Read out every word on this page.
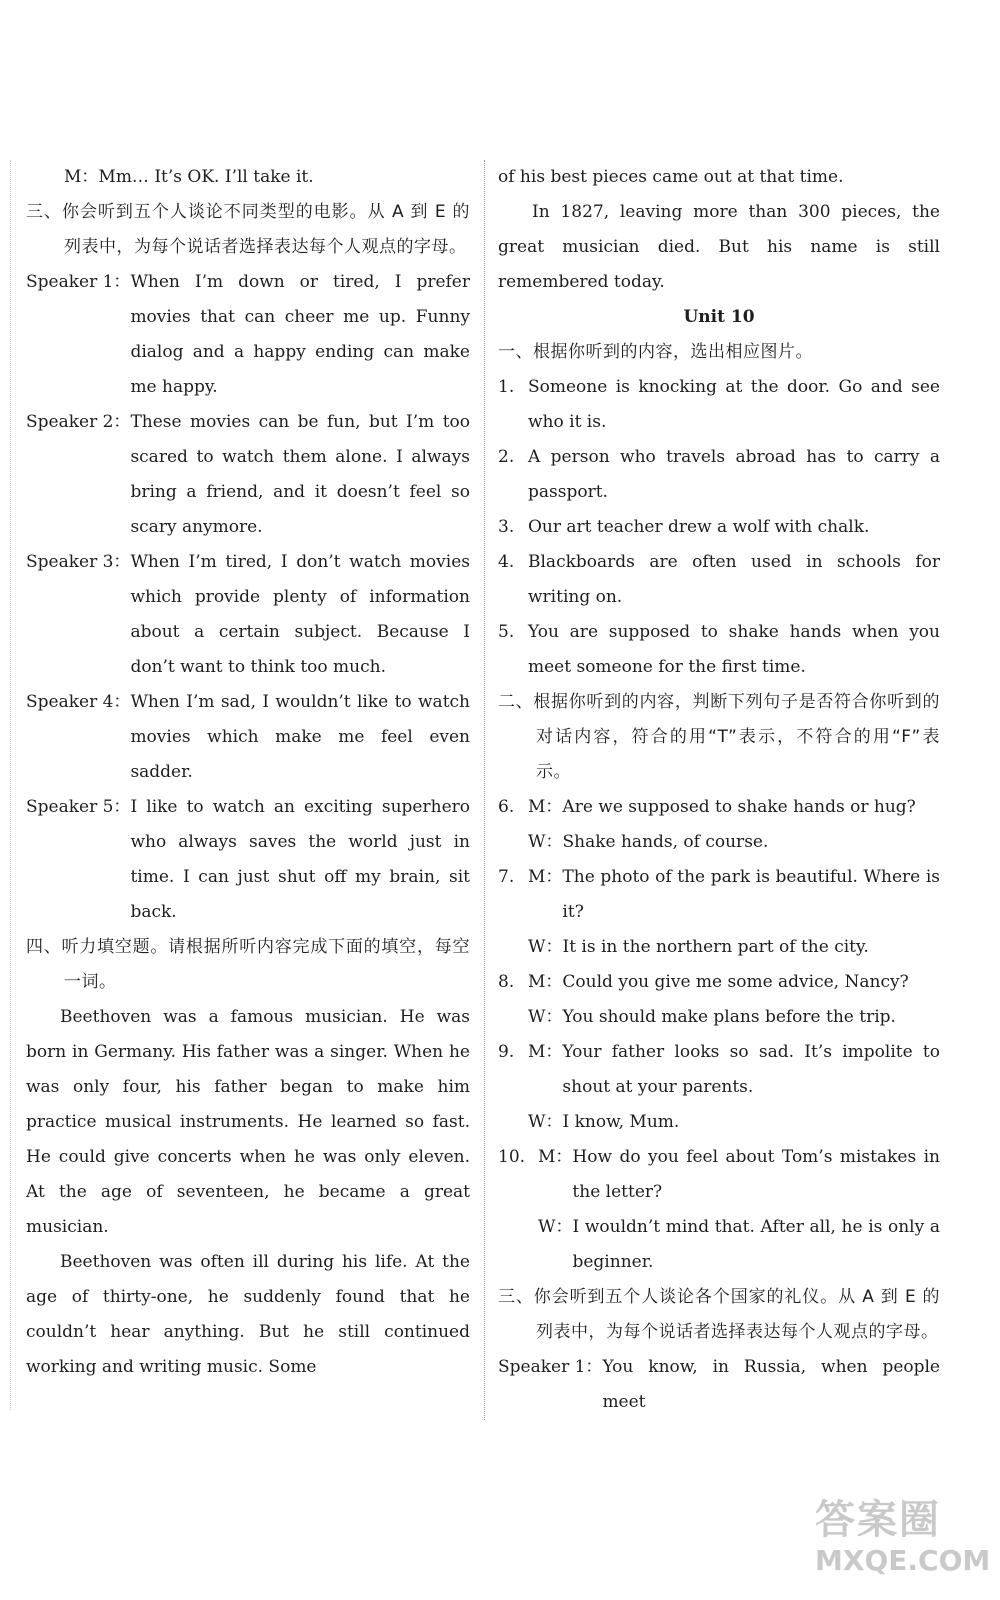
M：Mm… It’s OK. I’ll take it.
三、你会听到五个人谈论不同类型的电影。从 A 到 E 的列表中，为每个说话者选择表达每个人观点的字母。
Speaker 1： When I’m down or tired, I prefer movies that can cheer me up. Funny dialog and a happy ending can make me happy.
Speaker 2： These movies can be fun, but I’m too scared to watch them alone. I always bring a friend, and it doesn’t feel so scary anymore.
Speaker 3： When I’m tired, I don’t watch movies which provide plenty of information about a certain subject. Because I don’t want to think too much.
Speaker 4： When I’m sad, I wouldn’t like to watch movies which make me feel even sadder.
Speaker 5： I like to watch an exciting superhero who always saves the world just in time. I can just shut off my brain, sit back.
四、听力填空题。请根据所听内容完成下面的填空，每空一词。
Beethoven was a famous musician. He was born in Germany. His father was a singer. When he was only four, his father began to make him practice musical instruments. He learned so fast. He could give concerts when he was only eleven. At the age of seventeen, he became a great musician.
Beethoven was often ill during his life. At the age of thirty-one, he suddenly found that he couldn’t hear anything. But he still continued working and writing music. Some
of his best pieces came out at that time.
In 1827, leaving more than 300 pieces, the great musician died. But his name is still remembered today.
Unit 10
一、根据你听到的内容，选出相应图片。
1. Someone is knocking at the door. Go and see who it is.
2. A person who travels abroad has to carry a passport.
3. Our art teacher drew a wolf with chalk.
4. Blackboards are often used in schools for writing on.
5. You are supposed to shake hands when you meet someone for the first time.
二、根据你听到的内容，判断下列句子是否符合你听到的对话内容，符合的用“T”表示，不符合的用“F”表示。
6. M： Are we supposed to shake hands or hug?
W： Shake hands, of course.
7. M： The photo of the park is beautiful. Where is it?
W： It is in the northern part of the city.
8. M： Could you give me some advice, Nancy?
W： You should make plans before the trip.
9. M： Your father looks so sad. It’s impolite to shout at your parents.
W： I know, Mum.
10. M： How do you feel about Tom’s mistakes in the letter?
W： I wouldn’t mind that. After all, he is only a beginner.
三、你会听到五个人谈论各个国家的礼仪。从 A 到 E 的列表中，为每个说话者选择表达每个人观点的字母。
Speaker 1： You know, in Russia, when people meet
答案圈
MXQE.COM
